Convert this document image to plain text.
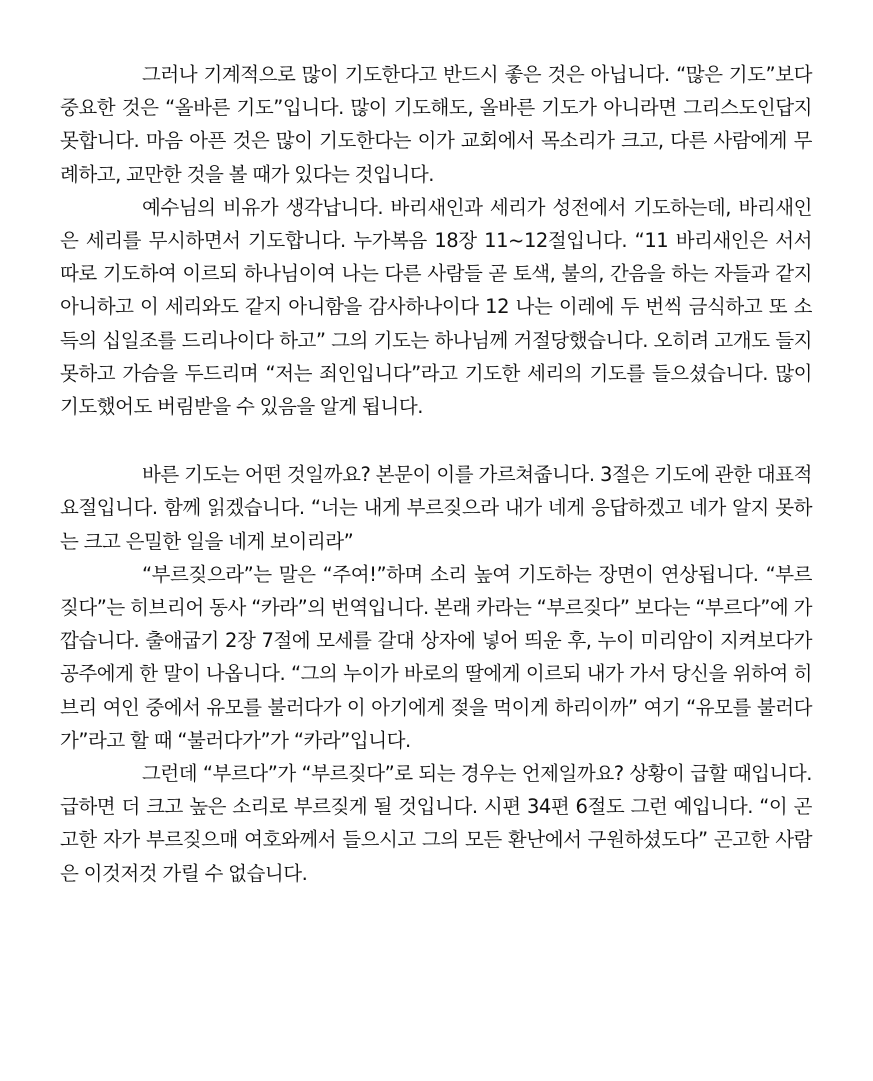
그러나 기계적으로 많이 기도한다고 반드시 좋은 것은 아닙니다. “많은 기도”보다 중요한 것은 “올바른 기도”입니다. 많이 기도해도, 올바른 기도가 아니라면 그리스도인답지 못합니다. 마음 아픈 것은 많이 기도한다는 이가 교회에서 목소리가 크고, 다른 사람에게 무례하고, 교만한 것을 볼 때가 있다는 것입니다.

예수님의 비유가 생각납니다. 바리새인과 세리가 성전에서 기도하는데, 바리새인은 세리를 무시하면서 기도합니다. 누가복음 18장 11~12절입니다. “11 바리새인은 서서 따로 기도하여 이르되 하나님이여 나는 다른 사람들 곧 토색, 불의, 간음을 하는 자들과 같지 아니하고 이 세리와도 같지 아니함을 감사하나이다 12 나는 이레에 두 번씩 금식하고 또 소득의 십일조를 드리나이다 하고” 그의 기도는 하나님께 거절당했습니다. 오히려 고개도 들지 못하고 가슴을 두드리며 “저는 죄인입니다”라고 기도한 세리의 기도를 들으셨습니다. 많이 기도했어도 버림받을 수 있음을 알게 됩니다.

바른 기도는 어떤 것일까요? 본문이 이를 가르쳐줍니다. 3절은 기도에 관한 대표적 요절입니다. 함께 읽겠습니다. “너는 내게 부르짖으라 내가 네게 응답하겠고 네가 알지 못하는 크고 은밀한 일을 네게 보이리라”

“부르짖으라”는 말은 “주여!”하며 소리 높여 기도하는 장면이 연상됩니다. “부르짖다”는 히브리어 동사 “카라”의 번역입니다. 본래 카라는 “부르짖다” 보다는 “부르다”에 가깝습니다. 출애굽기 2장 7절에 모세를 갈대 상자에 넣어 띄운 후, 누이 미리암이 지켜보다가 공주에게 한 말이 나옵니다. “그의 누이가 바로의 딸에게 이르되 내가 가서 당신을 위하여 히브리 여인 중에서 유모를 불러다가 이 아기에게 젖을 먹이게 하리이까” 여기 “유모를 불러다가”라고 할 때 “불러다가”가 “카라”입니다.

그런데 “부르다”가 “부르짖다”로 되는 경우는 언제일까요? 상황이 급할 때입니다. 급하면 더 크고 높은 소리로 부르짖게 될 것입니다. 시편 34편 6절도 그런 예입니다. “이 곤고한 자가 부르짖으매 여호와께서 들으시고 그의 모든 환난에서 구원하셨도다” 곤고한 사람은 이것저것 가릴 수 없습니다.
